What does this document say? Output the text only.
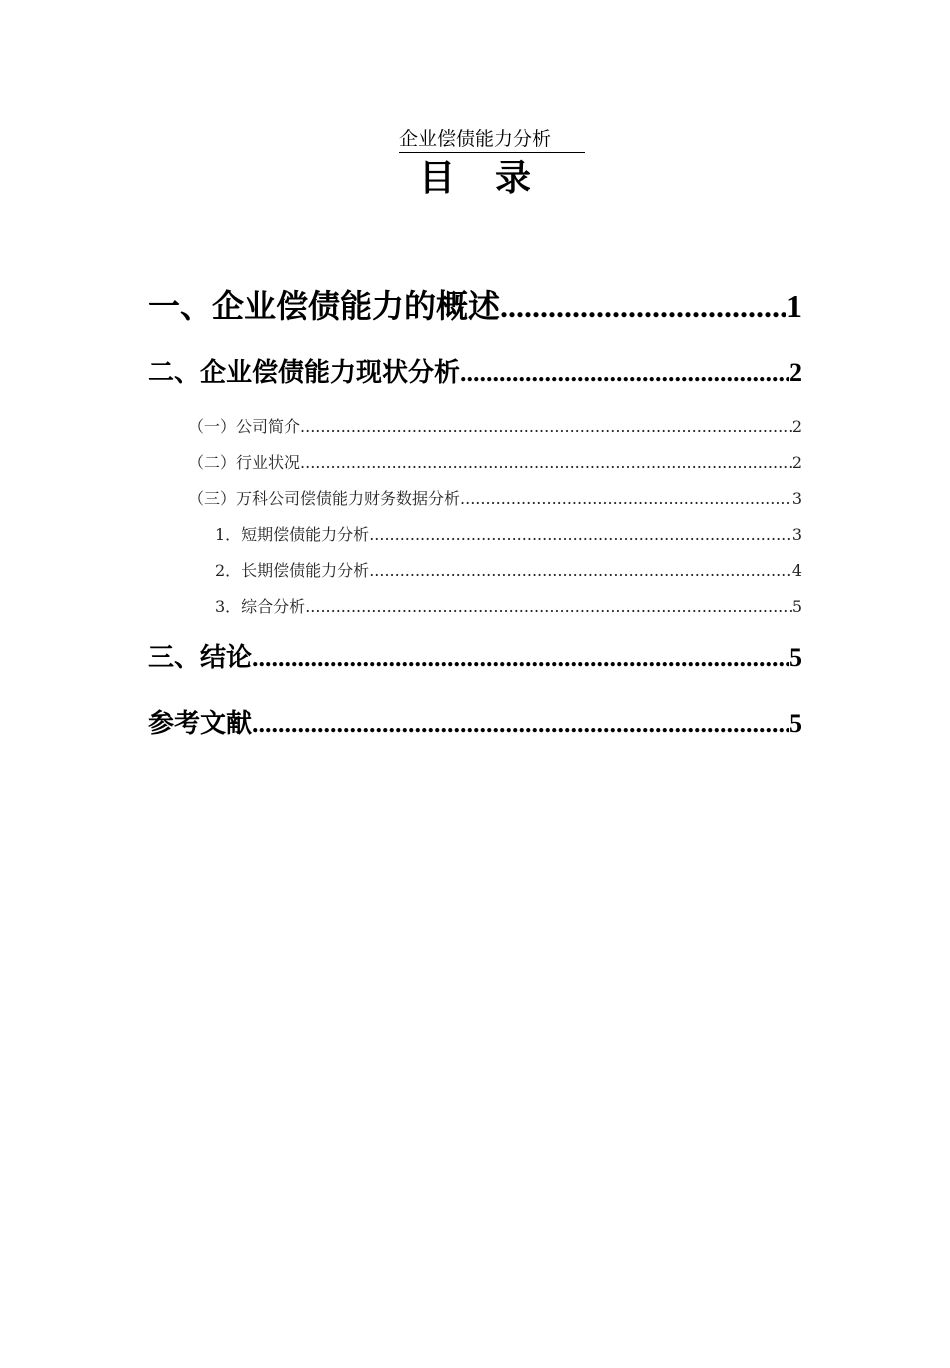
企业偿债能力分析
目录
一、企业偿债能力的概述 .....	1
二、企业偿债能力现状分析 .....	2
（一）公司简介 .....	2
（二）行业状况 .....	2
（三）万科公司偿债能力财务数据分析 .....	3
1．短期偿债能力分析 .....	3
2．长期偿债能力分析 .....	4
3．综合分析 .....	5
三、结论 .....	5
参考文献 .....	5
